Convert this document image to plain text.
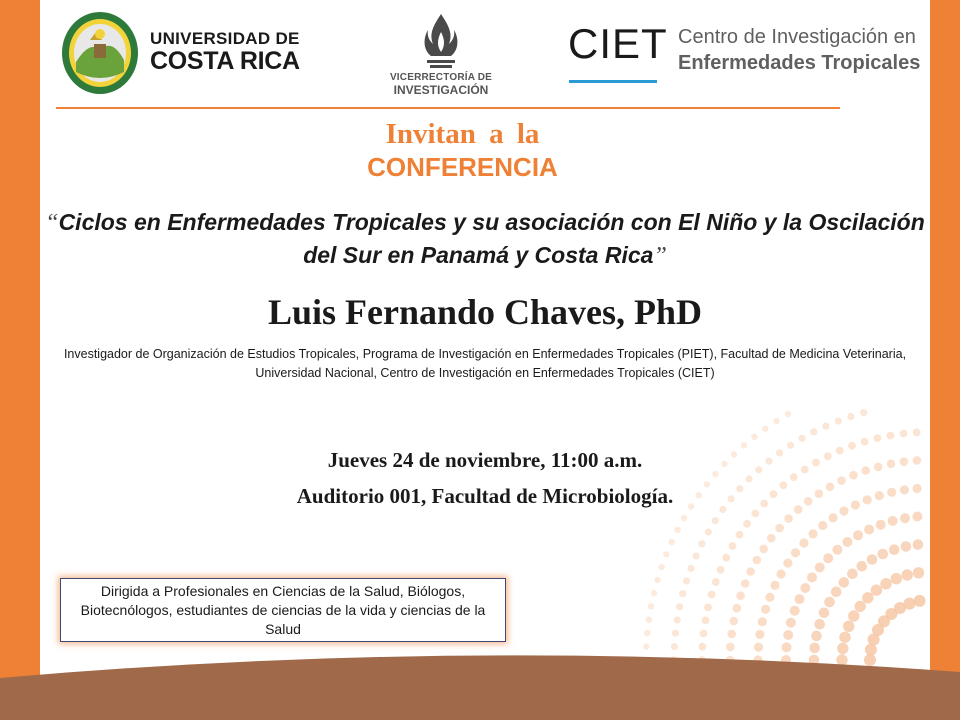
UNIVERSIDAD DE
COSTA RICA
VICERRECTORÍA DE
INVESTIGACIÓN
CIET Centro de Investigación en
Enfermedades Tropicales
Invitan a la
CONFERENCIA
“Ciclos en Enfermedades Tropicales y su asociación con El Niño y la Oscilación del Sur en Panamá y Costa Rica”
Luis Fernando Chaves, PhD
Investigador de Organización de Estudios Tropicales, Programa de Investigación en Enfermedades Tropicales (PIET), Facultad de Medicina Veterinaria, Universidad Nacional, Centro de Investigación en Enfermedades Tropicales (CIET)
Jueves 24 de noviembre, 11:00 a.m.
Auditorio 001, Facultad de Microbiología.
Dirigida a Profesionales en Ciencias de la Salud, Biólogos, Biotecnólogos, estudiantes de ciencias de la vida y ciencias de la Salud
